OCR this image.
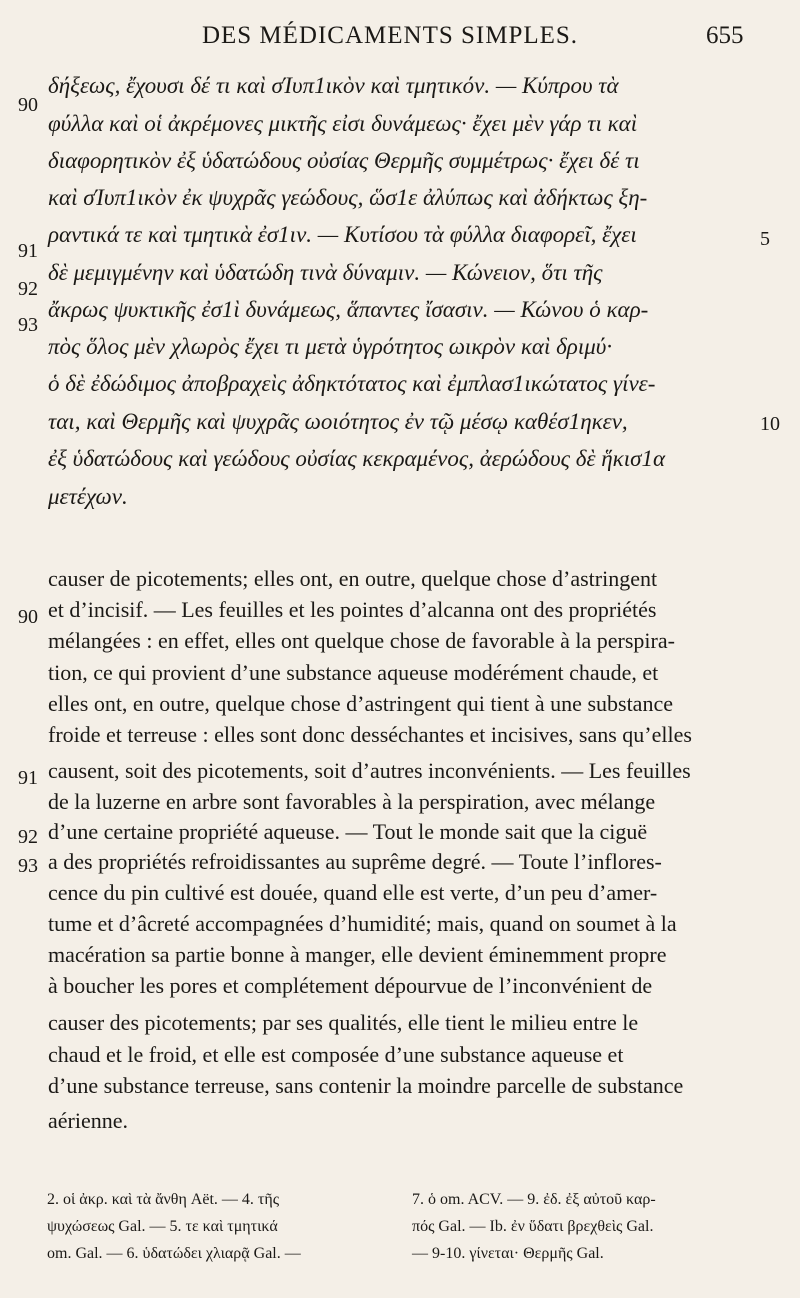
DES MÉDICAMENTS SIMPLES.	655
90
91
92
93
5
10
δήξεως, ἔχουσι δέ τι καὶ σΊυπ1ικὸν καὶ τμητικόν. — Κύπρου τὰ
φύλλα καὶ οἱ ἀκρέμονες μικτῆς εἰσι δυνάμεως· ἔχει μὲν γάρ τι καὶ
διαφορητικὸν ἐξ ὑδατώδους οὐσίας Θερμῆς συμμέτρως· ἔχει δέ τι
καὶ σΊυπ1ικὸν ἐκ ψυχρᾶς γεώδους, ὥσ1ε ἀλύπως καὶ ἀδήκτως ξη-
ραντικά τε καὶ τμητικὰ ἐσ1ιν. — Κυτίσου τὰ φύλλα διαφορεῖ, ἔχει
δὲ μεμιγμένην καὶ ὑδατώδη τινὰ δύναμιν. — Κώνειον, ὅτι τῆς
ἄκρως ψυκτικῆς ἐσ1ὶ δυνάμεως, ἅπαντες ἴσασιν. — Κώνου ὁ καρ-
πὸς ὅλος μὲν χλωρὸς ἔχει τι μετὰ ὑγρότητος ωικρὸν καὶ δριμύ·
ὁ δὲ ἐδώδιμος ἀποβραχεὶς ἀδηκτότατος καὶ ἐμπλασ1ικώτατος γίνε-
ται, καὶ Θερμῆς καὶ ψυχρᾶς ωοιότητος ἐν τῷ μέσῳ καθέσ1ηκεν,
ἐξ ὑδατώδους καὶ γεώδους οὐσίας κεκραμένος, ἀερώδους δὲ ἥκισ1α
μετέχων.
90
91
92
93
causer de picotements; elles ont, en outre, quelque chose d’astringent
et d’incisif. — Les feuilles et les pointes d’alcanna ont des propriétés
mélangées : en effet, elles ont quelque chose de favorable à la perspira-
tion, ce qui provient d’une substance aqueuse modérément chaude, et
elles ont, en outre, quelque chose d’astringent qui tient à une substance
froide et terreuse : elles sont donc desséchantes et incisives, sans qu’elles
causent, soit des picotements, soit d’autres inconvénients. — Les feuilles
de la luzerne en arbre sont favorables à la perspiration, avec mélange
d’une certaine propriété aqueuse. — Tout le monde sait que la ciguë
a des propriétés refroidissantes au suprême degré. — Toute l’inflores-
cence du pin cultivé est douée, quand elle est verte, d’un peu d’amer-
tume et d’âcreté accompagnées d’humidité; mais, quand on soumet à la
macération sa partie bonne à manger, elle devient éminemment propre
à boucher les pores et complétement dépourvue de l’inconvénient de
causer des picotements; par ses qualités, elle tient le milieu entre le
chaud et le froid, et elle est composée d’une substance aqueuse et
d’une substance terreuse, sans contenir la moindre parcelle de substance
aérienne.
2. οἱ ἀκρ. καὶ τὰ ἄνθη Aët. — 4. τῆς
ψυχώσεως Gal. — 5. τε καὶ τμητικά
om. Gal. — 6. ὑδατώδει χλιαρᾷ Gal. —
7. ὁ om. ACV. — 9. ἐδ. ἐξ αὐτοῦ καρ-
πός Gal. — Ib. ἐν ὕδατι βρεχθεὶς Gal.
— 9-10. γίνεται· Θερμῆς Gal.
